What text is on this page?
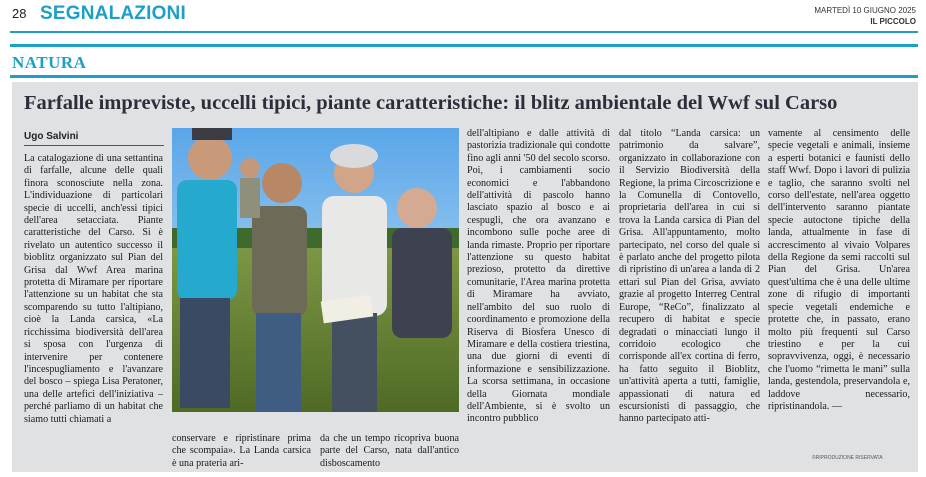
28 SEGNALAZIONI	MARTEDÌ 10 GIUGNO 2025
IL PICCOLO
NATURA
Farfalle impreviste, uccelli tipici, piante caratteristiche: il blitz ambientale del Wwf sul Carso
Ugo Salvini

La catalogazione di una settantina di farfalle, alcune delle quali finora sconosciute nella zona. L'individuazione di particolari specie di uccelli, anch'essi tipici dell'area setacciata. Piante caratteristiche del Carso. Si è rivelato un autentico successo il bioblitz organizzato sul Pian del Grisa dal Wwf Area marina protetta di Miramare per riportare l'attenzione su un habitat che sta scomparendo su tutto l'altipiano, cioè la Landa carsica, «La ricchissima biodiversità dell'area si sposa con l'urgenza di intervenire per contenere l'incespugliamento e l'avanzare del bosco – spiega Lisa Peratoner, una delle artefici dell'iniziativa – perché parliamo di un habitat che siamo tutti chiamati a

conservare e ripristinare prima che scompaia». La Landa carsica è una prateria ari-

da che un tempo ricopriva buona parte del Carso, nata dall'antico disboscamento

dell'altipiano e dalle attività di pastorizia tradizionale qui condotte fino agli anni '50 del secolo scorso. Poi, i cambiamenti socio economici e l'abbandono dell'attività di pascolo hanno lasciato spazio al bosco e ai cespugli, che ora avanzano e incombono sulle poche aree di landa rimaste. Proprio per riportare l'attenzione su questo habitat prezioso, protetto da direttive comunitarie, l'Area marina protetta di Miramare ha avviato, nell'ambito del suo ruolo di coordinamento e promozione della Riserva di Biosfera Unesco di Miramare e della costiera triestina, una due giorni di eventi di informazione e sensibilizzazione. La scorsa settimana, in occasione della Giornata mondiale dell'Ambiente, si è svolto un incontro pubblico

dal titolo “Landa carsica: un patrimonio da salvare”, organizzato in collaborazione con il Servizio Biodiversità della Regione, la prima Circoscrizione e la Comunella di Contovello, proprietaria dell'area in cui si trova la Landa carsica di Pian del Grisa. All'appuntamento, molto partecipato, nel corso del quale si è parlato anche del progetto pilota di ripristino di un'area a landa di 2 ettari sul Pian del Grisa, avviato grazie al progetto Interreg Central Europe, “ReCo”, finalizzato al recupero di habitat e specie degradati o minacciati lungo il corridoio ecologico che corrisponde all'ex cortina di ferro, ha fatto seguito il Bioblitz, un'attività aperta a tutti, famiglie, appassionati di natura ed escursionisti di passaggio, che hanno partecipato atti-

vamente al censimento delle specie vegetali e animali, insieme a esperti botanici e faunisti dello staff Wwf. Dopo i lavori di pulizia e taglio, che saranno svolti nel corso dell'estate, nell'area oggetto dell'intervento saranno piantate specie autoctone tipiche della landa, attualmente in fase di accrescimento al vivaio Volpares della Regione da semi raccolti sul Pian del Grisa. Un'area quest'ultima che è una delle ultime zone di rifugio di importanti specie vegetali endemiche e protette che, in passato, erano molto più frequenti sul Carso triestino e per la cui sopravvivenza, oggi, è necessario che l'uomo “rimetta le mani” sulla landa, gestendola, preservandola e, laddove necessario, ripristinandola. —

©RIPRODUZIONE RISERVATA
